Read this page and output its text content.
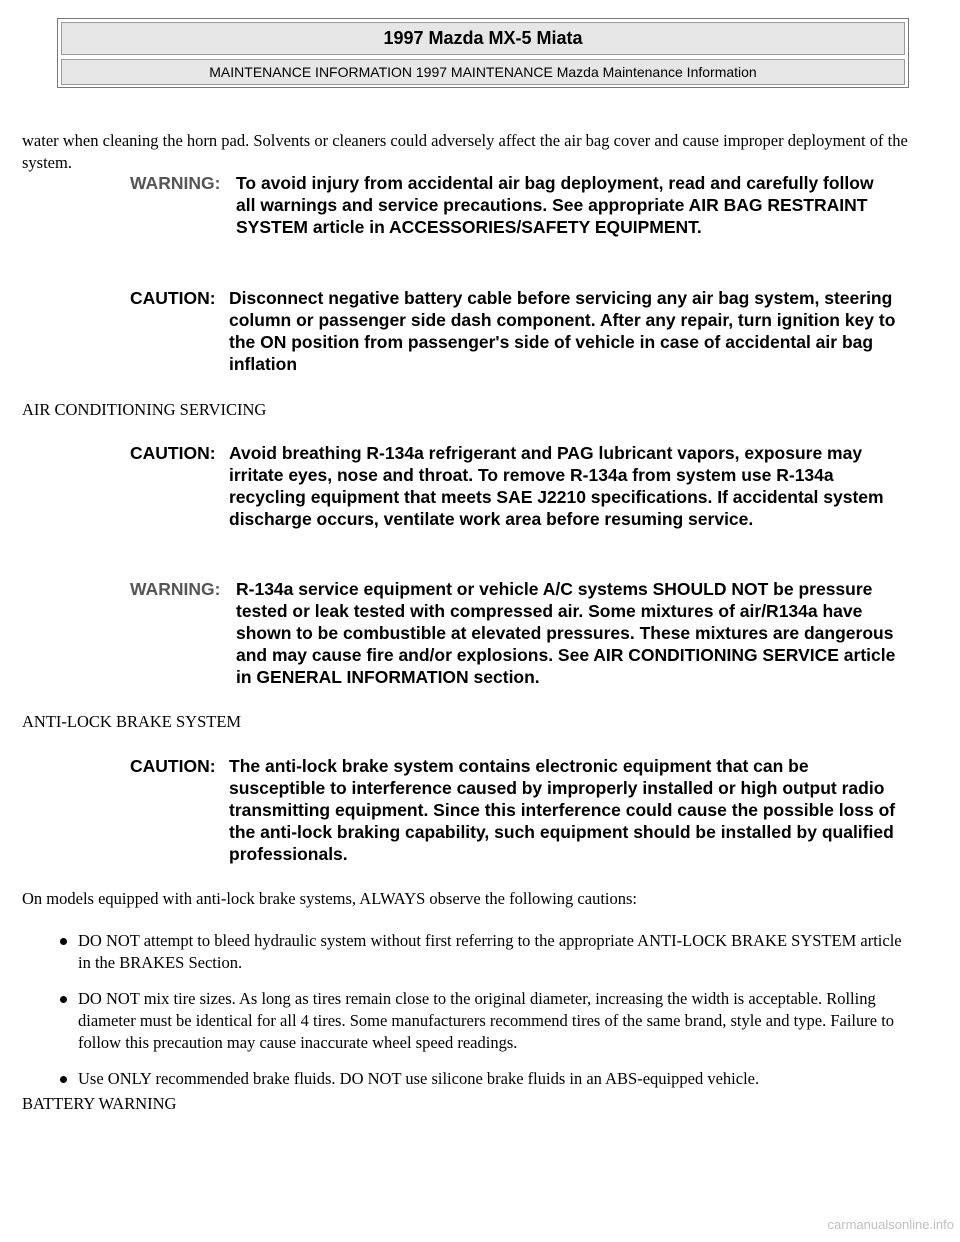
1997 Mazda MX-5 Miata
MAINTENANCE INFORMATION 1997 MAINTENANCE Mazda Maintenance Information
water when cleaning the horn pad. Solvents or cleaners could adversely affect the air bag cover and cause improper deployment of the system.
WARNING: To avoid injury from accidental air bag deployment, read and carefully follow all warnings and service precautions. See appropriate AIR BAG RESTRAINT SYSTEM article in ACCESSORIES/SAFETY EQUIPMENT.
CAUTION: Disconnect negative battery cable before servicing any air bag system, steering column or passenger side dash component. After any repair, turn ignition key to the ON position from passenger's side of vehicle in case of accidental air bag inflation
AIR CONDITIONING SERVICING
CAUTION: Avoid breathing R-134a refrigerant and PAG lubricant vapors, exposure may irritate eyes, nose and throat. To remove R-134a from system use R-134a recycling equipment that meets SAE J2210 specifications. If accidental system discharge occurs, ventilate work area before resuming service.
WARNING: R-134a service equipment or vehicle A/C systems SHOULD NOT be pressure tested or leak tested with compressed air. Some mixtures of air/R134a have shown to be combustible at elevated pressures. These mixtures are dangerous and may cause fire and/or explosions. See AIR CONDITIONING SERVICE article in GENERAL INFORMATION section.
ANTI-LOCK BRAKE SYSTEM
CAUTION: The anti-lock brake system contains electronic equipment that can be susceptible to interference caused by improperly installed or high output radio transmitting equipment. Since this interference could cause the possible loss of the anti-lock braking capability, such equipment should be installed by qualified professionals.
On models equipped with anti-lock brake systems, ALWAYS observe the following cautions:
DO NOT attempt to bleed hydraulic system without first referring to the appropriate ANTI-LOCK BRAKE SYSTEM article in the BRAKES Section.
DO NOT mix tire sizes. As long as tires remain close to the original diameter, increasing the width is acceptable. Rolling diameter must be identical for all 4 tires. Some manufacturers recommend tires of the same brand, style and type. Failure to follow this precaution may cause inaccurate wheel speed readings.
Use ONLY recommended brake fluids. DO NOT use silicone brake fluids in an ABS-equipped vehicle.
BATTERY WARNING
carmanualsonline.info
